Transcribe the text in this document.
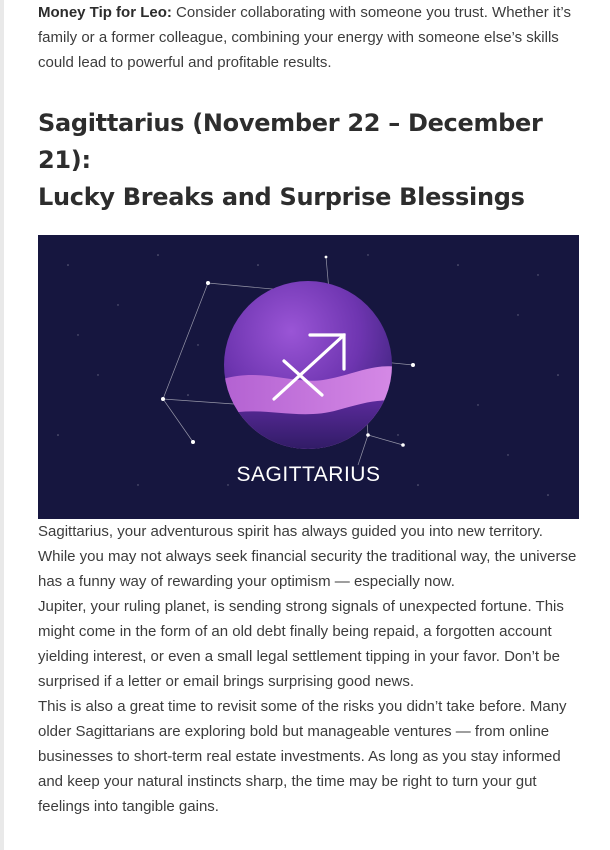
Money Tip for Leo: Consider collaborating with someone you trust. Whether it’s family or a former colleague, combining your energy with someone else’s skills could lead to powerful and profitable results.

Sagittarius (November 22 – December 21):
Lucky Breaks and Surprise Blessings
SAGITTARIUS

Sagittarius, your adventurous spirit has always guided you into new territory. While you may not always seek financial security the traditional way, the universe has a funny way of rewarding your optimism — especially now.

Jupiter, your ruling planet, is sending strong signals of unexpected fortune. This might come in the form of an old debt finally being repaid, a forgotten account yielding interest, or even a small legal settlement tipping in your favor. Don’t be surprised if a letter or email brings surprising good news.

This is also a great time to revisit some of the risks you didn’t take before. Many older Sagittarians are exploring bold but manageable ventures — from online businesses to short-term real estate investments. As long as you stay informed and keep your natural instincts sharp, the time may be right to turn your gut feelings into tangible gains.
